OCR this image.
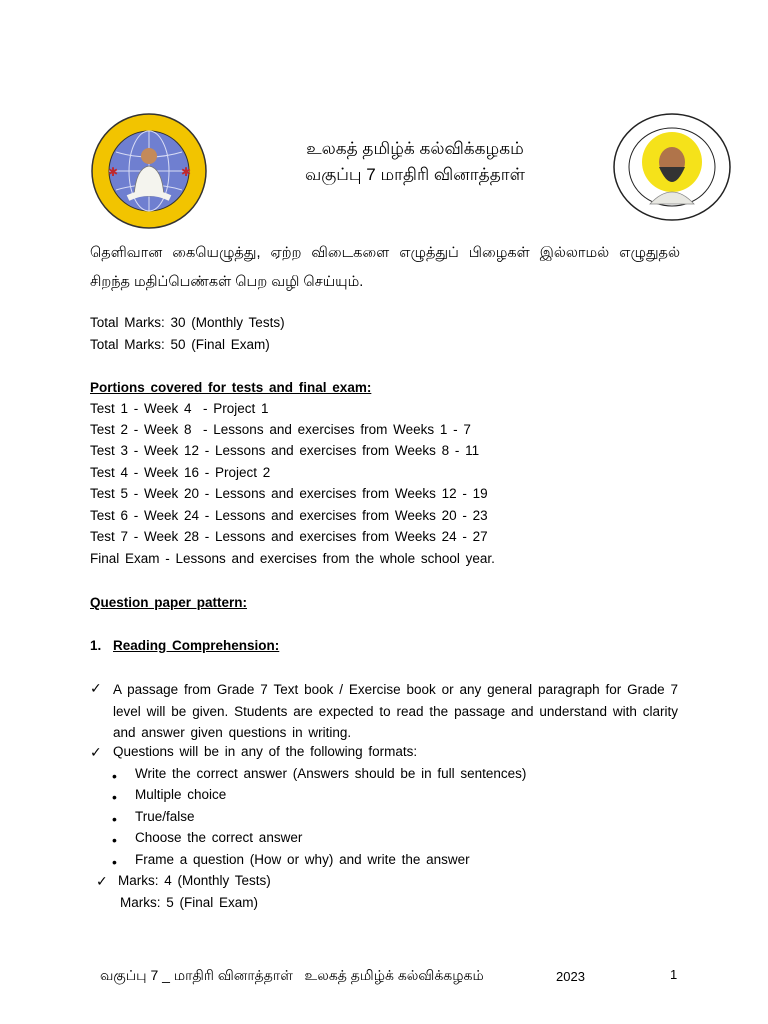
✱	✱
உலகத் தமிழ்க் கல்விக்கழகம்
வகுப்பு 7 மாதிரி வினாத்தாள்
தெளிவான கையெழுத்து, ஏற்ற விடைகளை எழுத்துப் பிழைகள் இல்லாமல் எழுதுதல் சிறந்த மதிப்பெண்கள் பெற வழி செய்யும்.
Total Marks: 30 (Monthly Tests)
Total Marks: 50 (Final Exam)
Portions covered for tests and final exam:
Test 1 - Week 4  - Project 1
Test 2 - Week 8  - Lessons and exercises from Weeks 1 - 7
Test 3 - Week 12 - Lessons and exercises from Weeks 8 - 11
Test 4 - Week 16 - Project 2
Test 5 - Week 20 - Lessons and exercises from Weeks 12 - 19
Test 6 - Week 24 - Lessons and exercises from Weeks 20 - 23
Test 7 - Week 28 - Lessons and exercises from Weeks 24 - 27
Final Exam - Lessons and exercises from the whole school year.
Question paper pattern:
1. Reading Comprehension:
✓ A passage from Grade 7 Text book / Exercise book or any general paragraph for Grade 7 level will be given. Students are expected to read the passage and understand with clarity and answer given questions in writing.
✓ Questions will be in any of the following formats:
• Write the correct answer (Answers should be in full sentences)
• Multiple choice
• True/false
• Choose the correct answer
• Frame a question (How or why) and write the answer
✓ Marks: 4 (Monthly Tests)
Marks: 5 (Final Exam)
வகுப்பு 7 _ மாதிரி வினாத்தாள்   உலகத் தமிழ்க் கல்விக்கழகம்	2023	1
